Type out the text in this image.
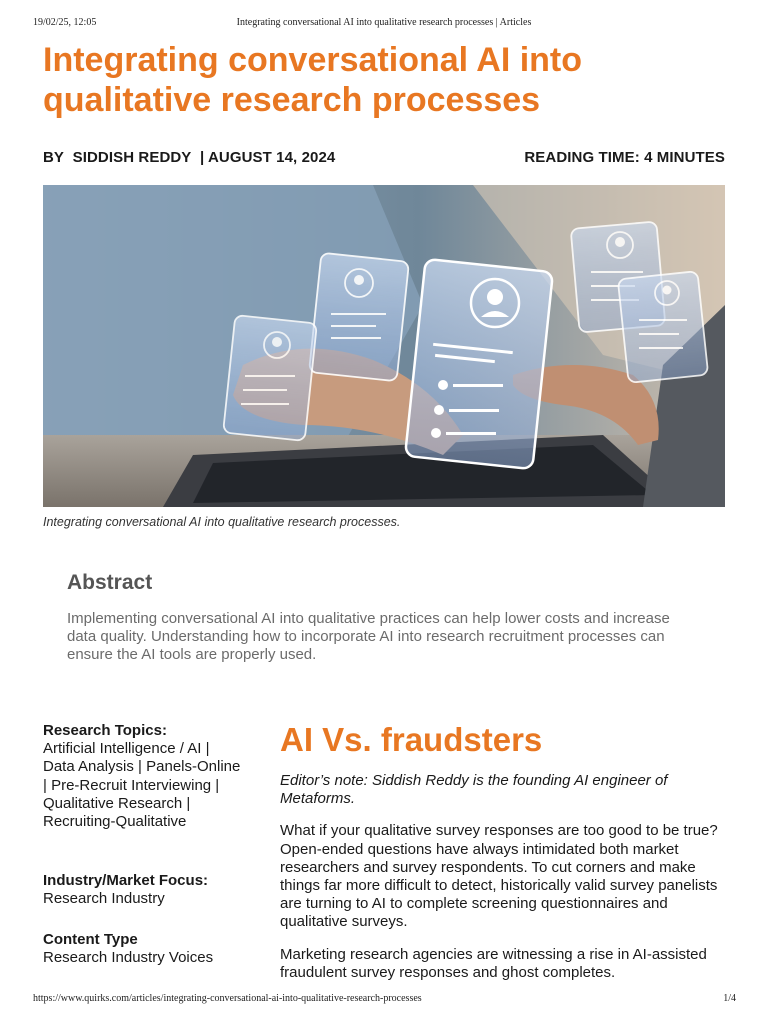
19/02/25, 12:05	Integrating conversational AI into qualitative research processes | Articles
Integrating conversational AI into qualitative research processes
BY SIDDISH REDDY | AUGUST 14, 2024	READING TIME: 4 MINUTES
Integrating conversational AI into qualitative research processes.
Abstract

Implementing conversational AI into qualitative practices can help lower costs and increase data quality. Understanding how to incorporate AI into research recruitment processes can ensure the AI tools are properly used.

Research Topics:
Artificial Intelligence / AI | Data Analysis | Panels-Online | Pre-Recruit Interviewing | Qualitative Research | Recruiting-Qualitative
Industry/Market Focus:
Research Industry
Content Type
Research Industry Voices
AI Vs. fraudsters

Editor’s note: Siddish Reddy is the founding AI engineer of Metaforms.

What if your qualitative survey responses are too good to be true? Open-ended questions have always intimidated both market researchers and survey respondents. To cut corners and make things far more difficult to detect, historically valid survey panelists are turning to AI to complete screening questionnaires and qualitative surveys.

Marketing research agencies are witnessing a rise in AI-assisted fraudulent survey responses and ghost completes.

https://www.quirks.com/articles/integrating-conversational-ai-into-qualitative-research-processes	1/4
